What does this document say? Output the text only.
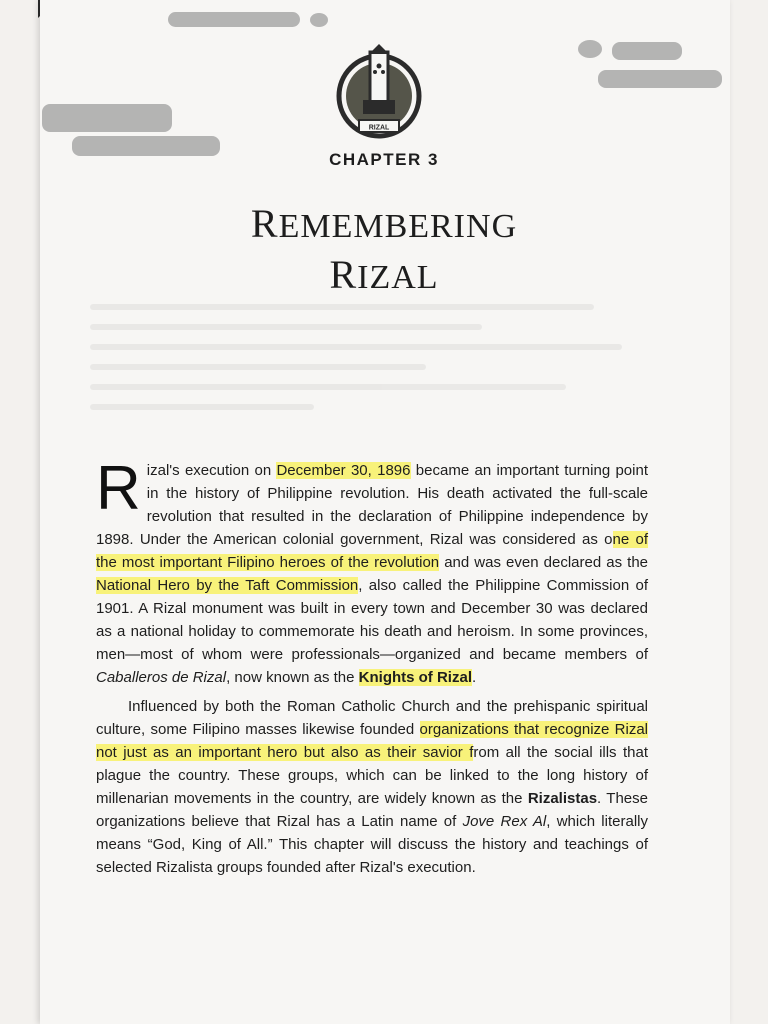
RIZAL
CHAPTER 3
REMEMBERING
RIZAL

Rizal's execution on December 30, 1896 became an important turning point in the history of Philippine revolution. His death activated the full-scale revolution that resulted in the declaration of Philippine independence by 1898. Under the American colonial government, Rizal was considered as one of the most important Filipino heroes of the revolution and was even declared as the National Hero by the Taft Commission, also called the Philippine Commission of 1901. A Rizal monument was built in every town and December 30 was declared as a national holiday to commemorate his death and heroism. In some provinces, men—most of whom were professionals—organized and became members of Caballeros de Rizal, now known as the Knights of Rizal.

Influenced by both the Roman Catholic Church and the prehispanic spiritual culture, some Filipino masses likewise founded organizations that recognize Rizal not just as an important hero but also as their savior from all the social ills that plague the country. These groups, which can be linked to the long history of millenarian movements in the country, are widely known as the Rizalistas. These organizations believe that Rizal has a Latin name of Jove Rex Al, which literally means “God, King of All.” This chapter will discuss the history and teachings of selected Rizalista groups founded after Rizal's execution.
